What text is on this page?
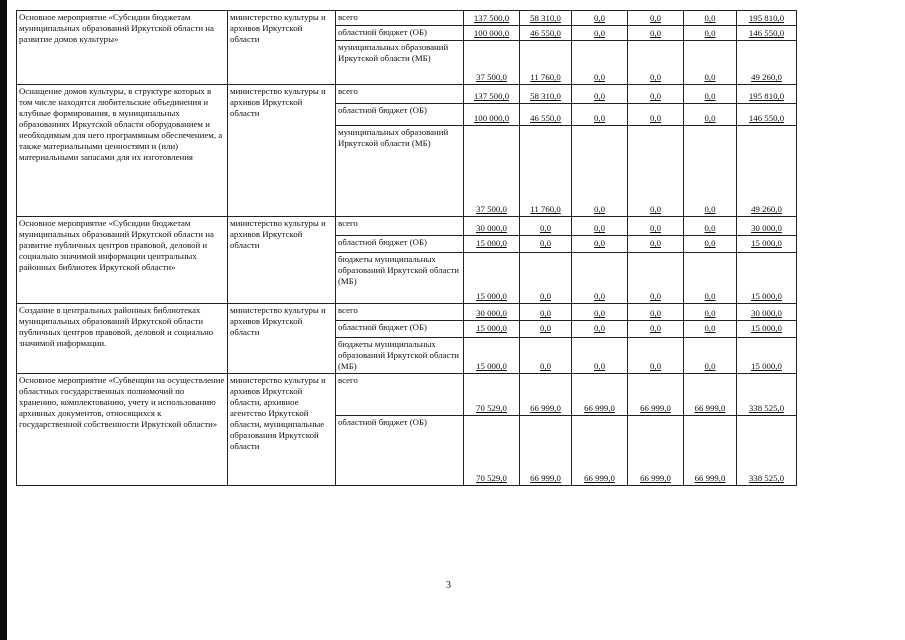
Основное мероприятие «Субсидии бюджетам муниципальных образований Иркутской области на развитие домов культуры»	министерство культуры и архивов Иркутской области	всего	137 500,0	58 310,0	0,0	0,0	0,0	195 810,0
		областной бюджет (ОБ)	100 000,0	46 550,0	0,0	0,0	0,0	146 550,0
		муниципальных образований Иркутской области (МБ)	37 500,0	11 760,0	0,0	0,0	0,0	49 260,0
Оснащение домов культуры, в структуре которых в том числе находятся любительские объединения и клубные формирования, в муниципальных образованиях Иркутской области оборудованием и необходимым для него программным обеспечением, а также материальными ценностями и (или) материальными запасами для их изготовления	министерство культуры и архивов Иркутской области	всего	137 500,0	58 310,0	0,0	0,0	0,0	195 810,0
		областной бюджет (ОБ)	100 000,0	46 550,0	0,0	0,0	0,0	146 550,0
		муниципальных образований Иркутской области (МБ)	37 500,0	11 760,0	0,0	0,0	0,0	49 260,0
Основное мероприятие «Субсидии бюджетам муниципальных образований Иркутской области на развитие публичных центров правовой, деловой и социально значимой информации центральных районных библиотек Иркутской области»	министерство культуры и архивов Иркутской области	всего	30 000,0	0,0	0,0	0,0	0,0	30 000,0
		областной бюджет (ОБ)	15 000,0	0,0	0,0	0,0	0,0	15 000,0
		бюджеты муниципальных образований Иркутской области (МБ)	15 000,0	0,0	0,0	0,0	0,0	15 000,0
Создание в центральных районных библиотеках муниципальных образований Иркутской области публичных центров правовой, деловой и социально значимой информации.	министерство культуры и архивов Иркутской области	всего	30 000,0	0,0	0,0	0,0	0,0	30 000,0
		областной бюджет (ОБ)	15 000,0	0,0	0,0	0,0	0,0	15 000,0
		бюджеты муниципальных образований Иркутской области (МБ)	15 000,0	0,0	0,0	0,0	0,0	15 000,0
Основное мероприятие «Субвенции на осуществление областных государственных полномочий по хранению, комплектованию, учету и использованию архивных документов, относящихся к государственной собственности Иркутской области»	министерство культуры и архивов Иркутской области, архивное агентство Иркутской области, муниципальные образования Иркутской области	всего	70 529,0	66 999,0	66 999,0	66 999,0	66 999,0	338 525,0
		областной бюджет (ОБ)	70 529,0	66 999,0	66 999,0	66 999,0	66 999,0	338 525,0
3
